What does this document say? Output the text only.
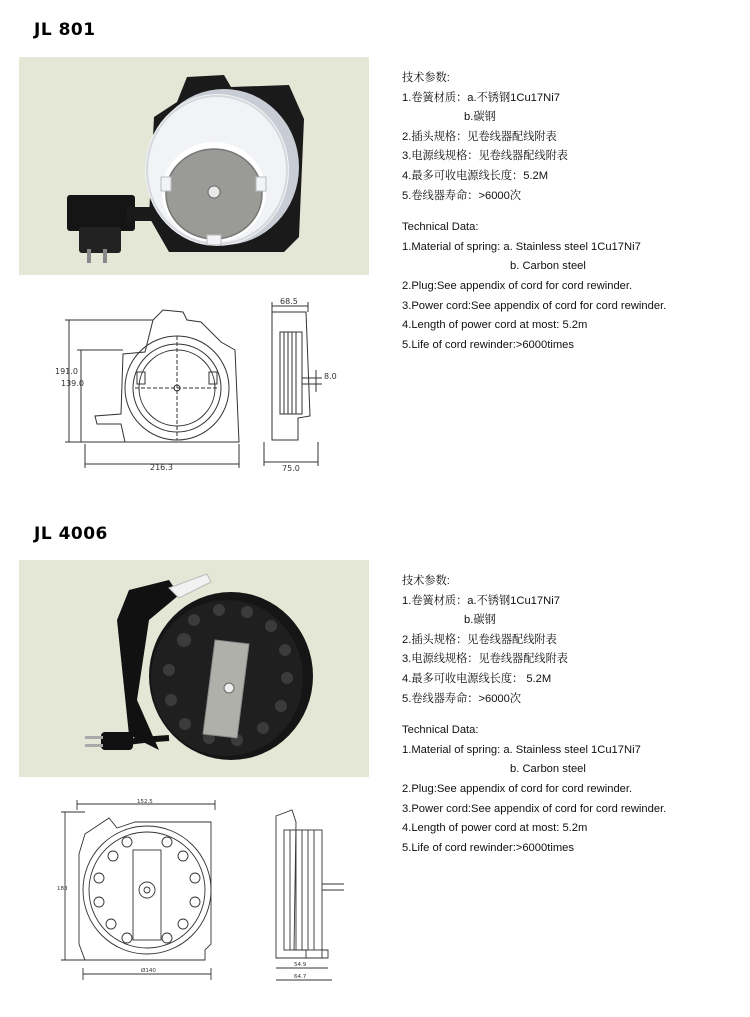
JL 801
技术参数:
1.卷簧材质：a.不锈钢1Cu17Ni7
b.碳钢
2.插头规格：见卷线器配线附表
3.电源线规格：见卷线器配线附表
4.最多可收电源线长度：5.2M
5.卷线器寿命：>6000次
Technical Data:
1.Material of spring: a. Stainless steel 1Cu17Ni7
b. Carbon steel
2.Plug:See appendix of cord for cord rewinder.
3.Power cord:See appendix of cord for cord rewinder.
4.Length of power cord at most: 5.2m
5.Life of cord rewinder:>6000times
191.0
139.0
216.3
68.5
8.0
75.0
JL 4006
技术参数:
1.卷簧材质：a.不锈钢1Cu17Ni7
b.碳钢
2.插头规格：见卷线器配线附表
3.电源线规格：见卷线器配线附表
4.最多可收电源线长度： 5.2M
5.卷线器寿命：>6000次
Technical Data:
1.Material of spring: a. Stainless steel 1Cu17Ni7
b. Carbon steel
2.Plug:See appendix of cord for cord rewinder.
3.Power cord:See appendix of cord for cord rewinder.
4.Length of power cord at most: 5.2m
5.Life of cord rewinder:>6000times
152.5
183
Ø140
54.9
64.7
